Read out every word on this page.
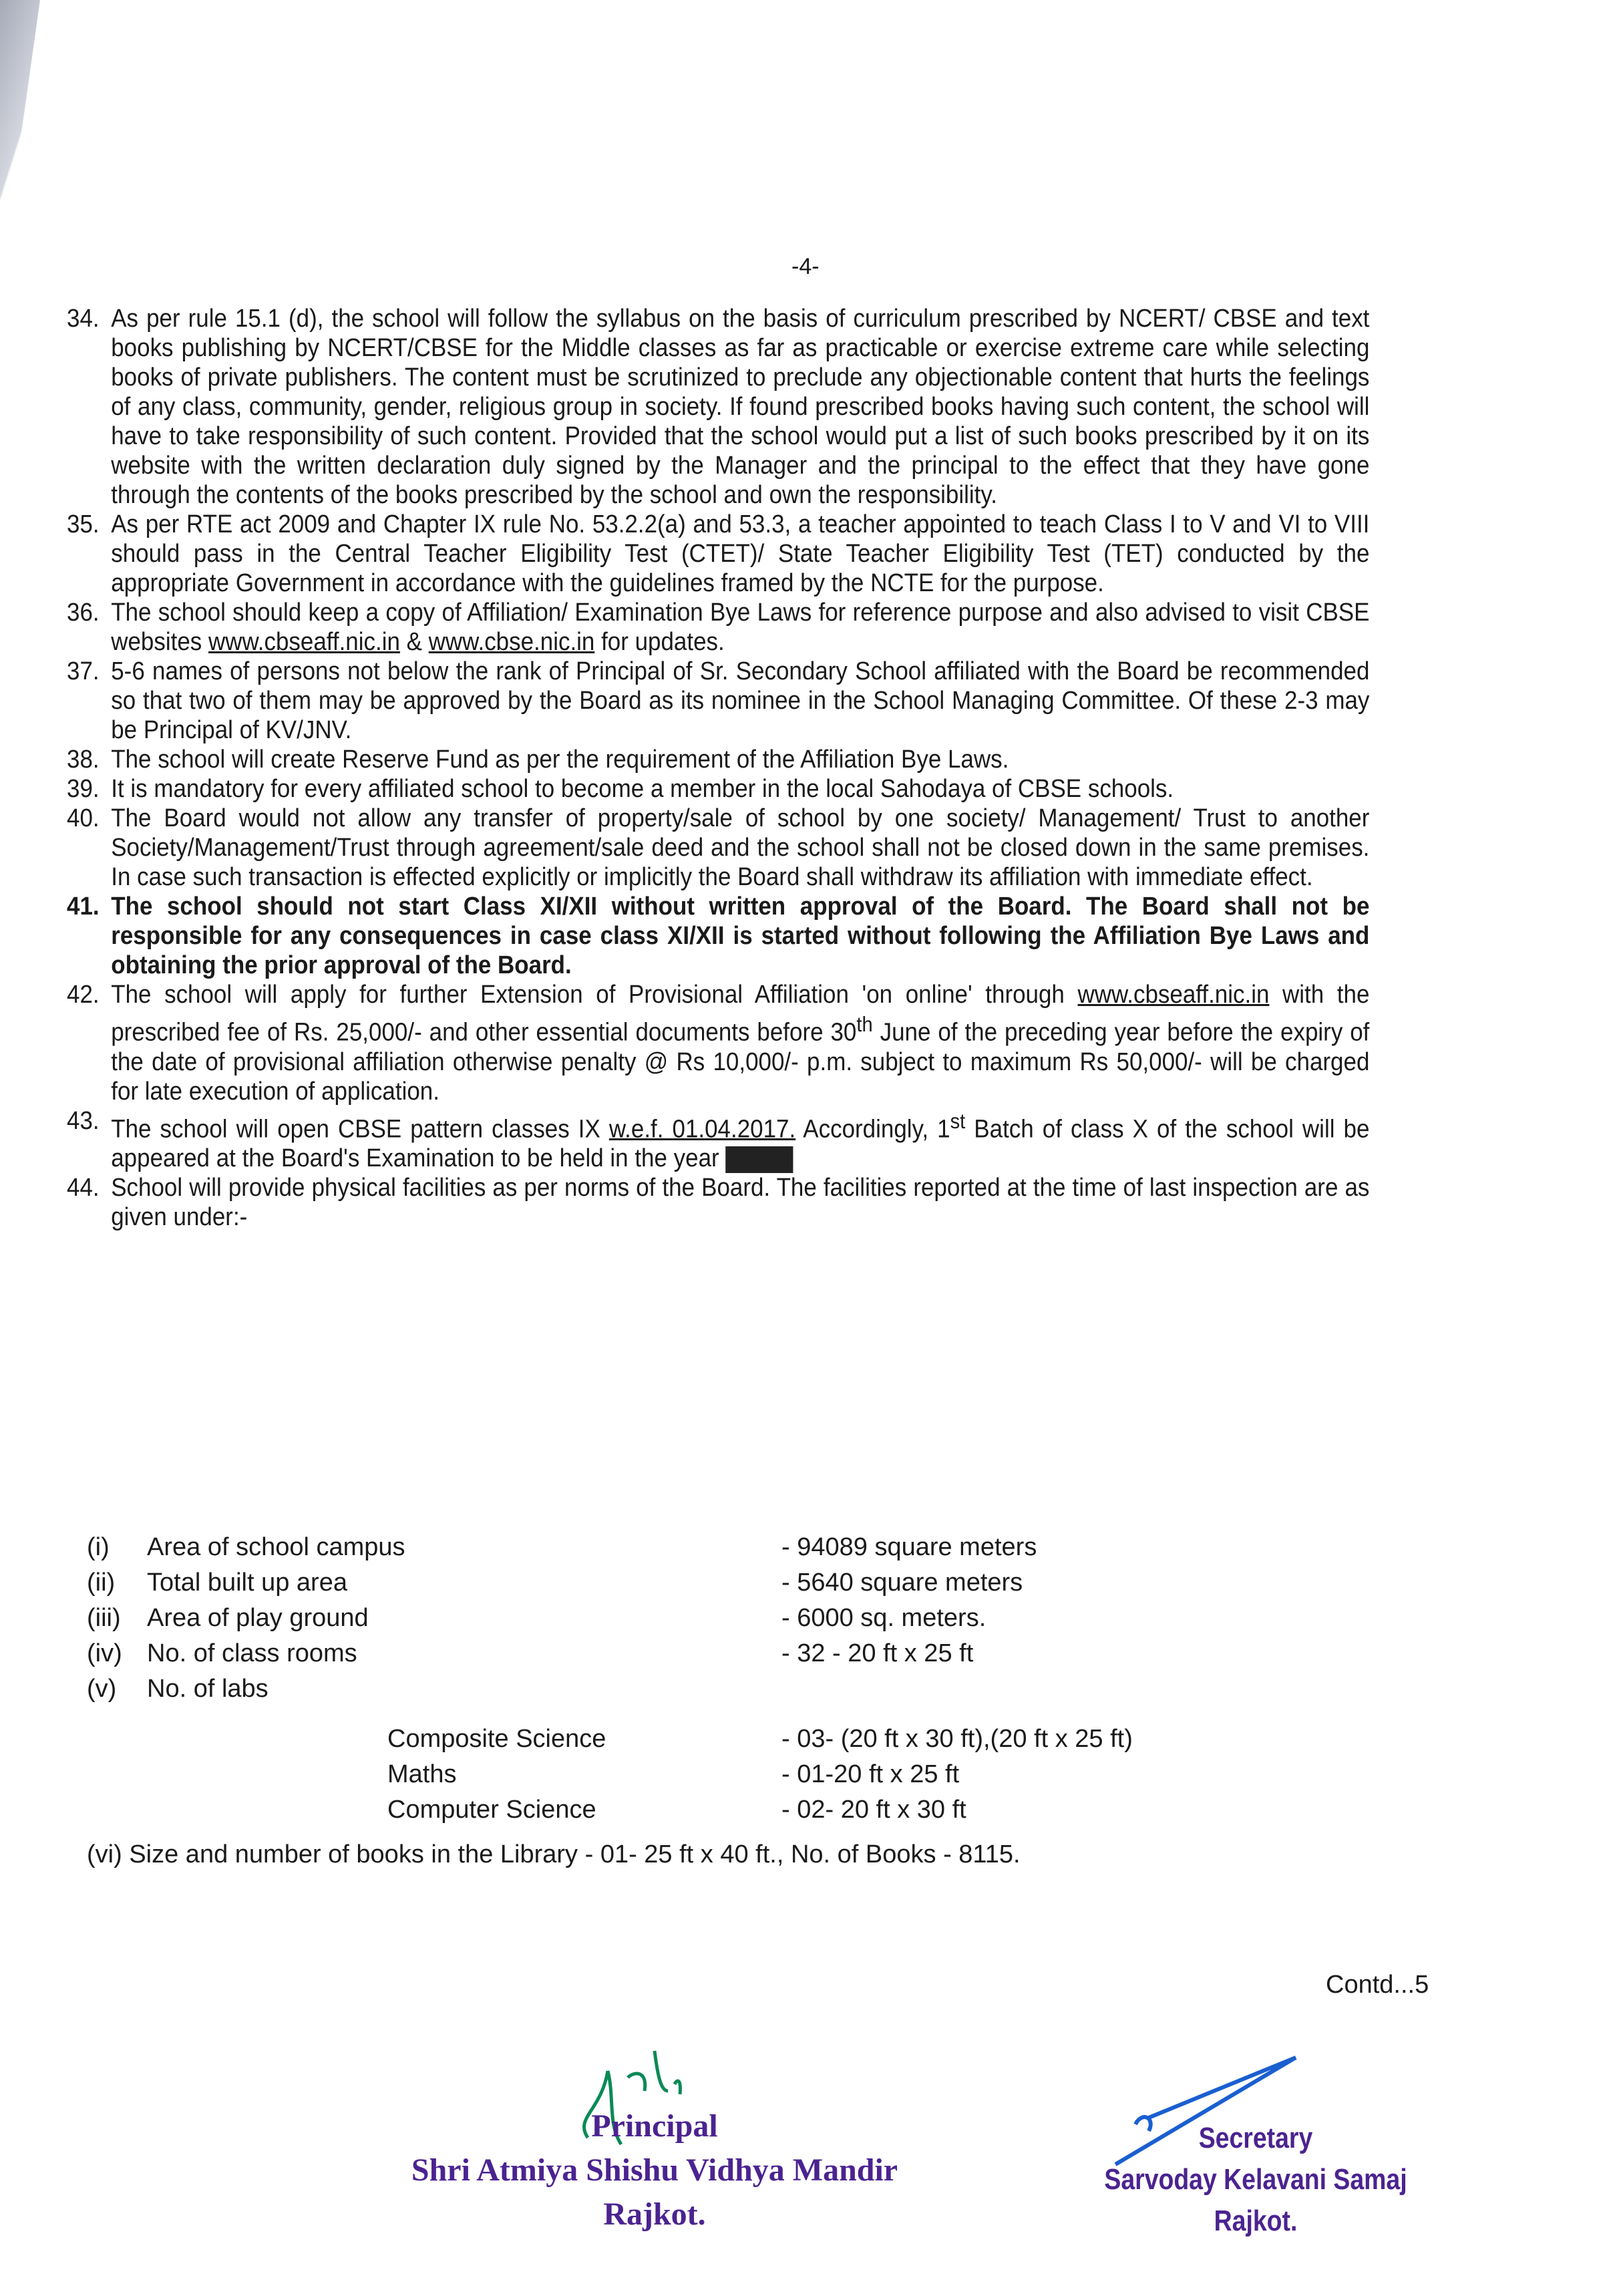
-4-
34. As per rule 15.1 (d), the school will follow the syllabus on the basis of curriculum prescribed by NCERT/ CBSE and text books publishing by NCERT/CBSE for the Middle classes as far as practicable or exercise extreme care while selecting books of private publishers. The content must be scrutinized to preclude any objectionable content that hurts the feelings of any class, community, gender, religious group in society. If found prescribed books having such content, the school will have to take responsibility of such content. Provided that the school would put a list of such books prescribed by it on its website with the written declaration duly signed by the Manager and the principal to the effect that they have gone through the contents of the books prescribed by the school and own the responsibility.
35. As per RTE act 2009 and Chapter IX rule No. 53.2.2(a) and 53.3, a teacher appointed to teach Class I to V and VI to VIII should pass in the Central Teacher Eligibility Test (CTET)/ State Teacher Eligibility Test (TET) conducted by the appropriate Government in accordance with the guidelines framed by the NCTE for the purpose.
36. The school should keep a copy of Affiliation/ Examination Bye Laws for reference purpose and also advised to visit CBSE websites www.cbseaff.nic.in & www.cbse.nic.in for updates.
37. 5-6 names of persons not below the rank of Principal of Sr. Secondary School affiliated with the Board be recommended so that two of them may be approved by the Board as its nominee in the School Managing Committee. Of these 2-3 may be Principal of KV/JNV.
38. The school will create Reserve Fund as per the requirement of the Affiliation Bye Laws.
39. It is mandatory for every affiliated school to become a member in the local Sahodaya of CBSE schools.
40. The Board would not allow any transfer of property/sale of school by one society/ Management/ Trust to another Society/Management/Trust through agreement/sale deed and the school shall not be closed down in the same premises. In case such transaction is effected explicitly or implicitly the Board shall withdraw its affiliation with immediate effect.
41. The school should not start Class XI/XII without written approval of the Board. The Board shall not be responsible for any consequences in case class XI/XII is started without following the Affiliation Bye Laws and obtaining the prior approval of the Board.
42. The school will apply for further Extension of Provisional Affiliation 'on online' through www.cbseaff.nic.in with the prescribed fee of Rs. 25,000/- and other essential documents before 30th June of the preceding year before the expiry of the date of provisional affiliation otherwise penalty @ Rs 10,000/- p.m. subject to maximum Rs 50,000/- will be charged for late execution of application.
43. The school will open CBSE pattern classes IX w.e.f. 01.04.2017. Accordingly, 1st Batch of class X of the school will be appeared at the Board's Examination to be held in the year
44. School will provide physical facilities as per norms of the Board. The facilities reported at the time of last inspection are as given under:-
(i) Area of school campus	- 94089 square meters
(ii) Total built up area	- 5640 square meters
(iii) Area of play ground	- 6000 sq. meters.
(iv) No. of class rooms	- 32 - 20 ft x 25 ft
(v) No. of labs
Composite Science	- 03- (20 ft x 30 ft),(20 ft x 25 ft)
Maths	- 01-20 ft x 25 ft
Computer Science	- 02- 20 ft x 30 ft
(vi) Size and number of books in the Library - 01- 25 ft x 40 ft., No. of Books - 8115.
Contd...5
Principal
Shri Atmiya Shishu Vidhya Mandir
Rajkot.
Secretary
Sarvoday Kelavani Samaj
Rajkot.
